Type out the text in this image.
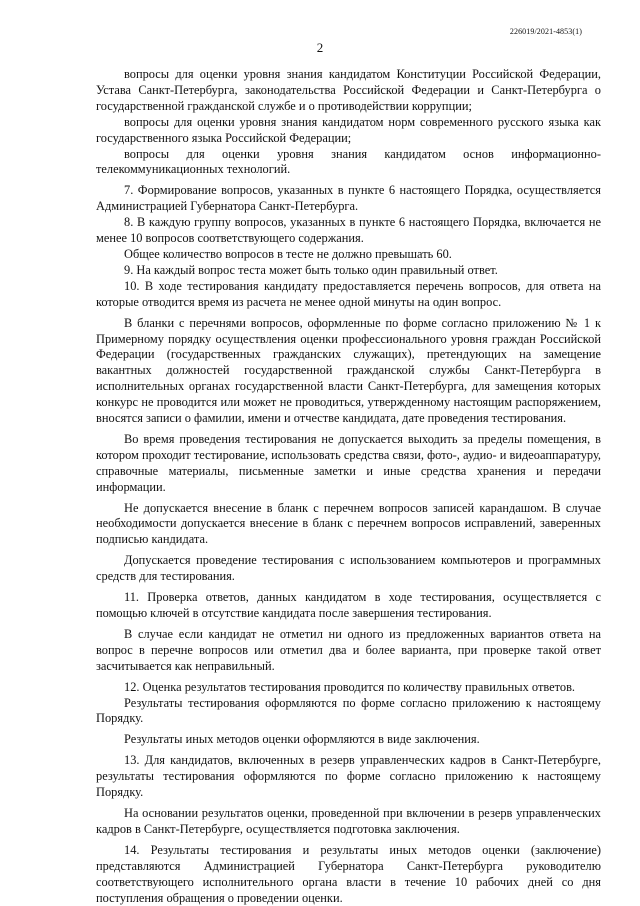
226019/2021-4853(1)
2

вопросы для оценки уровня знания кандидатом Конституции Российской Федерации, Устава Санкт-Петербурга, законодательства Российской Федерации и Санкт-Петербурга о государственной гражданской службе и о противодействии коррупции;

вопросы для оценки уровня знания кандидатом норм современного русского языка как государственного языка Российской Федерации;

вопросы для оценки уровня знания кандидатом основ информационно-телекоммуникационных технологий.

7. Формирование вопросов, указанных в пункте 6 настоящего Порядка, осуществляется Администрацией Губернатора Санкт-Петербурга.

8. В каждую группу вопросов, указанных в пункте 6 настоящего Порядка, включается не менее 10 вопросов соответствующего содержания.

Общее количество вопросов в тесте не должно превышать 60.

9. На каждый вопрос теста может быть только один правильный ответ.

10. В ходе тестирования кандидату предоставляется перечень вопросов, для ответа на которые отводится время из расчета не менее одной минуты на один вопрос.

В бланки с перечнями вопросов, оформленные по форме согласно приложению № 1 к Примерному порядку осуществления оценки профессионального уровня граждан Российской Федерации (государственных гражданских служащих), претендующих на замещение вакантных должностей государственной гражданской службы Санкт-Петербурга в исполнительных органах государственной власти Санкт-Петербурга, для замещения которых конкурс не проводится или может не проводиться, утвержденному настоящим распоряжением, вносятся записи о фамилии, имени и отчестве кандидата, дате проведения тестирования.

Во время проведения тестирования не допускается выходить за пределы помещения, в котором проходит тестирование, использовать средства связи, фото-, аудио- и видеоаппаратуру, справочные материалы, письменные заметки и иные средства хранения и передачи информации.

Не допускается внесение в бланк с перечнем вопросов записей карандашом. В случае необходимости допускается внесение в бланк с перечнем вопросов исправлений, заверенных подписью кандидата.

Допускается проведение тестирования с использованием компьютеров и программных средств для тестирования.

11. Проверка ответов, данных кандидатом в ходе тестирования, осуществляется с помощью ключей в отсутствие кандидата после завершения тестирования.

В случае если кандидат не отметил ни одного из предложенных вариантов ответа на вопрос в перечне вопросов или отметил два и более варианта, при проверке такой ответ засчитывается как неправильный.

12. Оценка результатов тестирования проводится по количеству правильных ответов.

Результаты тестирования оформляются по форме согласно приложению к настоящему Порядку.

Результаты иных методов оценки оформляются в виде заключения.

13. Для кандидатов, включенных в резерв управленческих кадров в Санкт-Петербурге, результаты тестирования оформляются по форме согласно приложению к настоящему Порядку.

На основании результатов оценки, проведенной при включении в резерв управленческих кадров в Санкт-Петербурге, осуществляется подготовка заключения.

14. Результаты тестирования и результаты иных методов оценки (заключение) представляются Администрацией Губернатора Санкт-Петербурга руководителю соответствующего исполнительного органа власти в течение 10 рабочих дней со дня поступления обращения о проведении оценки.
